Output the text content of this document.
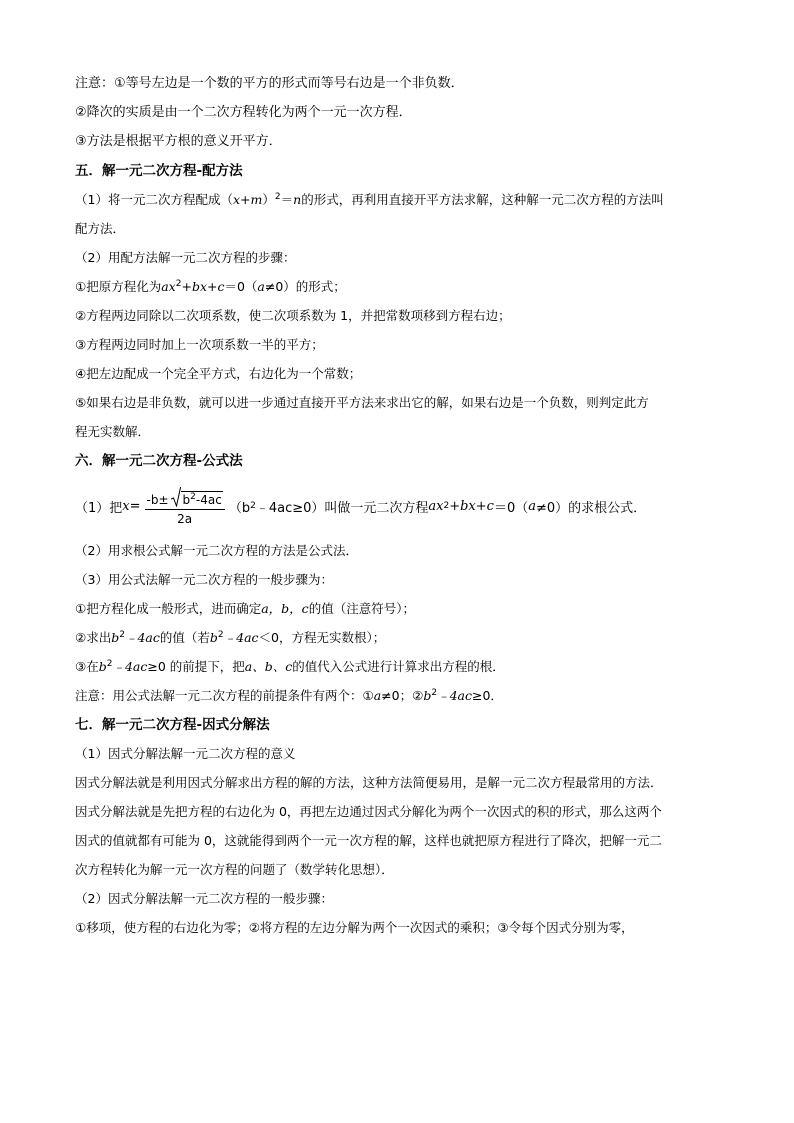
注意：①等号左边是一个数的平方的形式而等号右边是一个非负数．
②降次的实质是由一个二次方程转化为两个一元一次方程．
③方法是根据平方根的意义开平方．
五．解一元二次方程-配方法
（1）将一元二次方程配成$(x+m)^2=n$的形式，再利用直接开平方法求解，这种解一元二次方程的方法叫
配方法．
（2）用配方法解一元二次方程的步骤：
①把原方程化为$ax^2+bx+c=0(a\ne 0)$的形式；
②方程两边同除以二次项系数，使二次项系数为 1，并把常数项移到方程右边；
③方程两边同时加上一次项系数一半的平方；
④把左边配成一个完全平方式，右边化为一个常数；
⑤如果右边是非负数，就可以进一步通过直接开平方法来求出它的解，如果右边是一个负数，则判定此方
程无实数解．
六．解一元二次方程-公式法
（1）把 $x = -b\pm b^2-4ac$
2a
（b 2 ﹣4ac≥0）叫做一元二次方程 ax 2 +bx+c ＝0（ a ≠0）的求根公式．
（2）用求根公式解一元二次方程的方法是公式法．
（3）用公式法解一元二次方程的一般步骤为：
①把方程化成一般形式，进而确定a，b，c的值（注意符号）；
②求出$b^2﹣4ac$的值（若$b^2﹣4ac<0$，方程无实数根）；
③在$b^2﹣4ac\ge 0$ 的前提下，把a、b、c的值代入公式进行计算求出方程的根．
注意：用公式法解一元二次方程的前提条件有两个：①a≠0；$②b^2﹣4ac\ge 0$．
七．解一元二次方程-因式分解法
（1）因式分解法解一元二次方程的意义
因式分解法就是利用因式分解求出方程的解的方法，这种方法简便易用，是解一元二次方程最常用的方法．
因式分解法就是先把方程的右边化为 0，再把左边通过因式分解化为两个一次因式的积的形式，那么这两个
因式的值就都有可能为 0，这就能得到两个一元一次方程的解，这样也就把原方程进行了降次，把解一元二
次方程转化为解一元一次方程的问题了（数学转化思想）．
（2）因式分解法解一元二次方程的一般步骤：
①移项，使方程的右边化为零；②将方程的左边分解为两个一次因式的乘积；③令每个因式分别为零，
